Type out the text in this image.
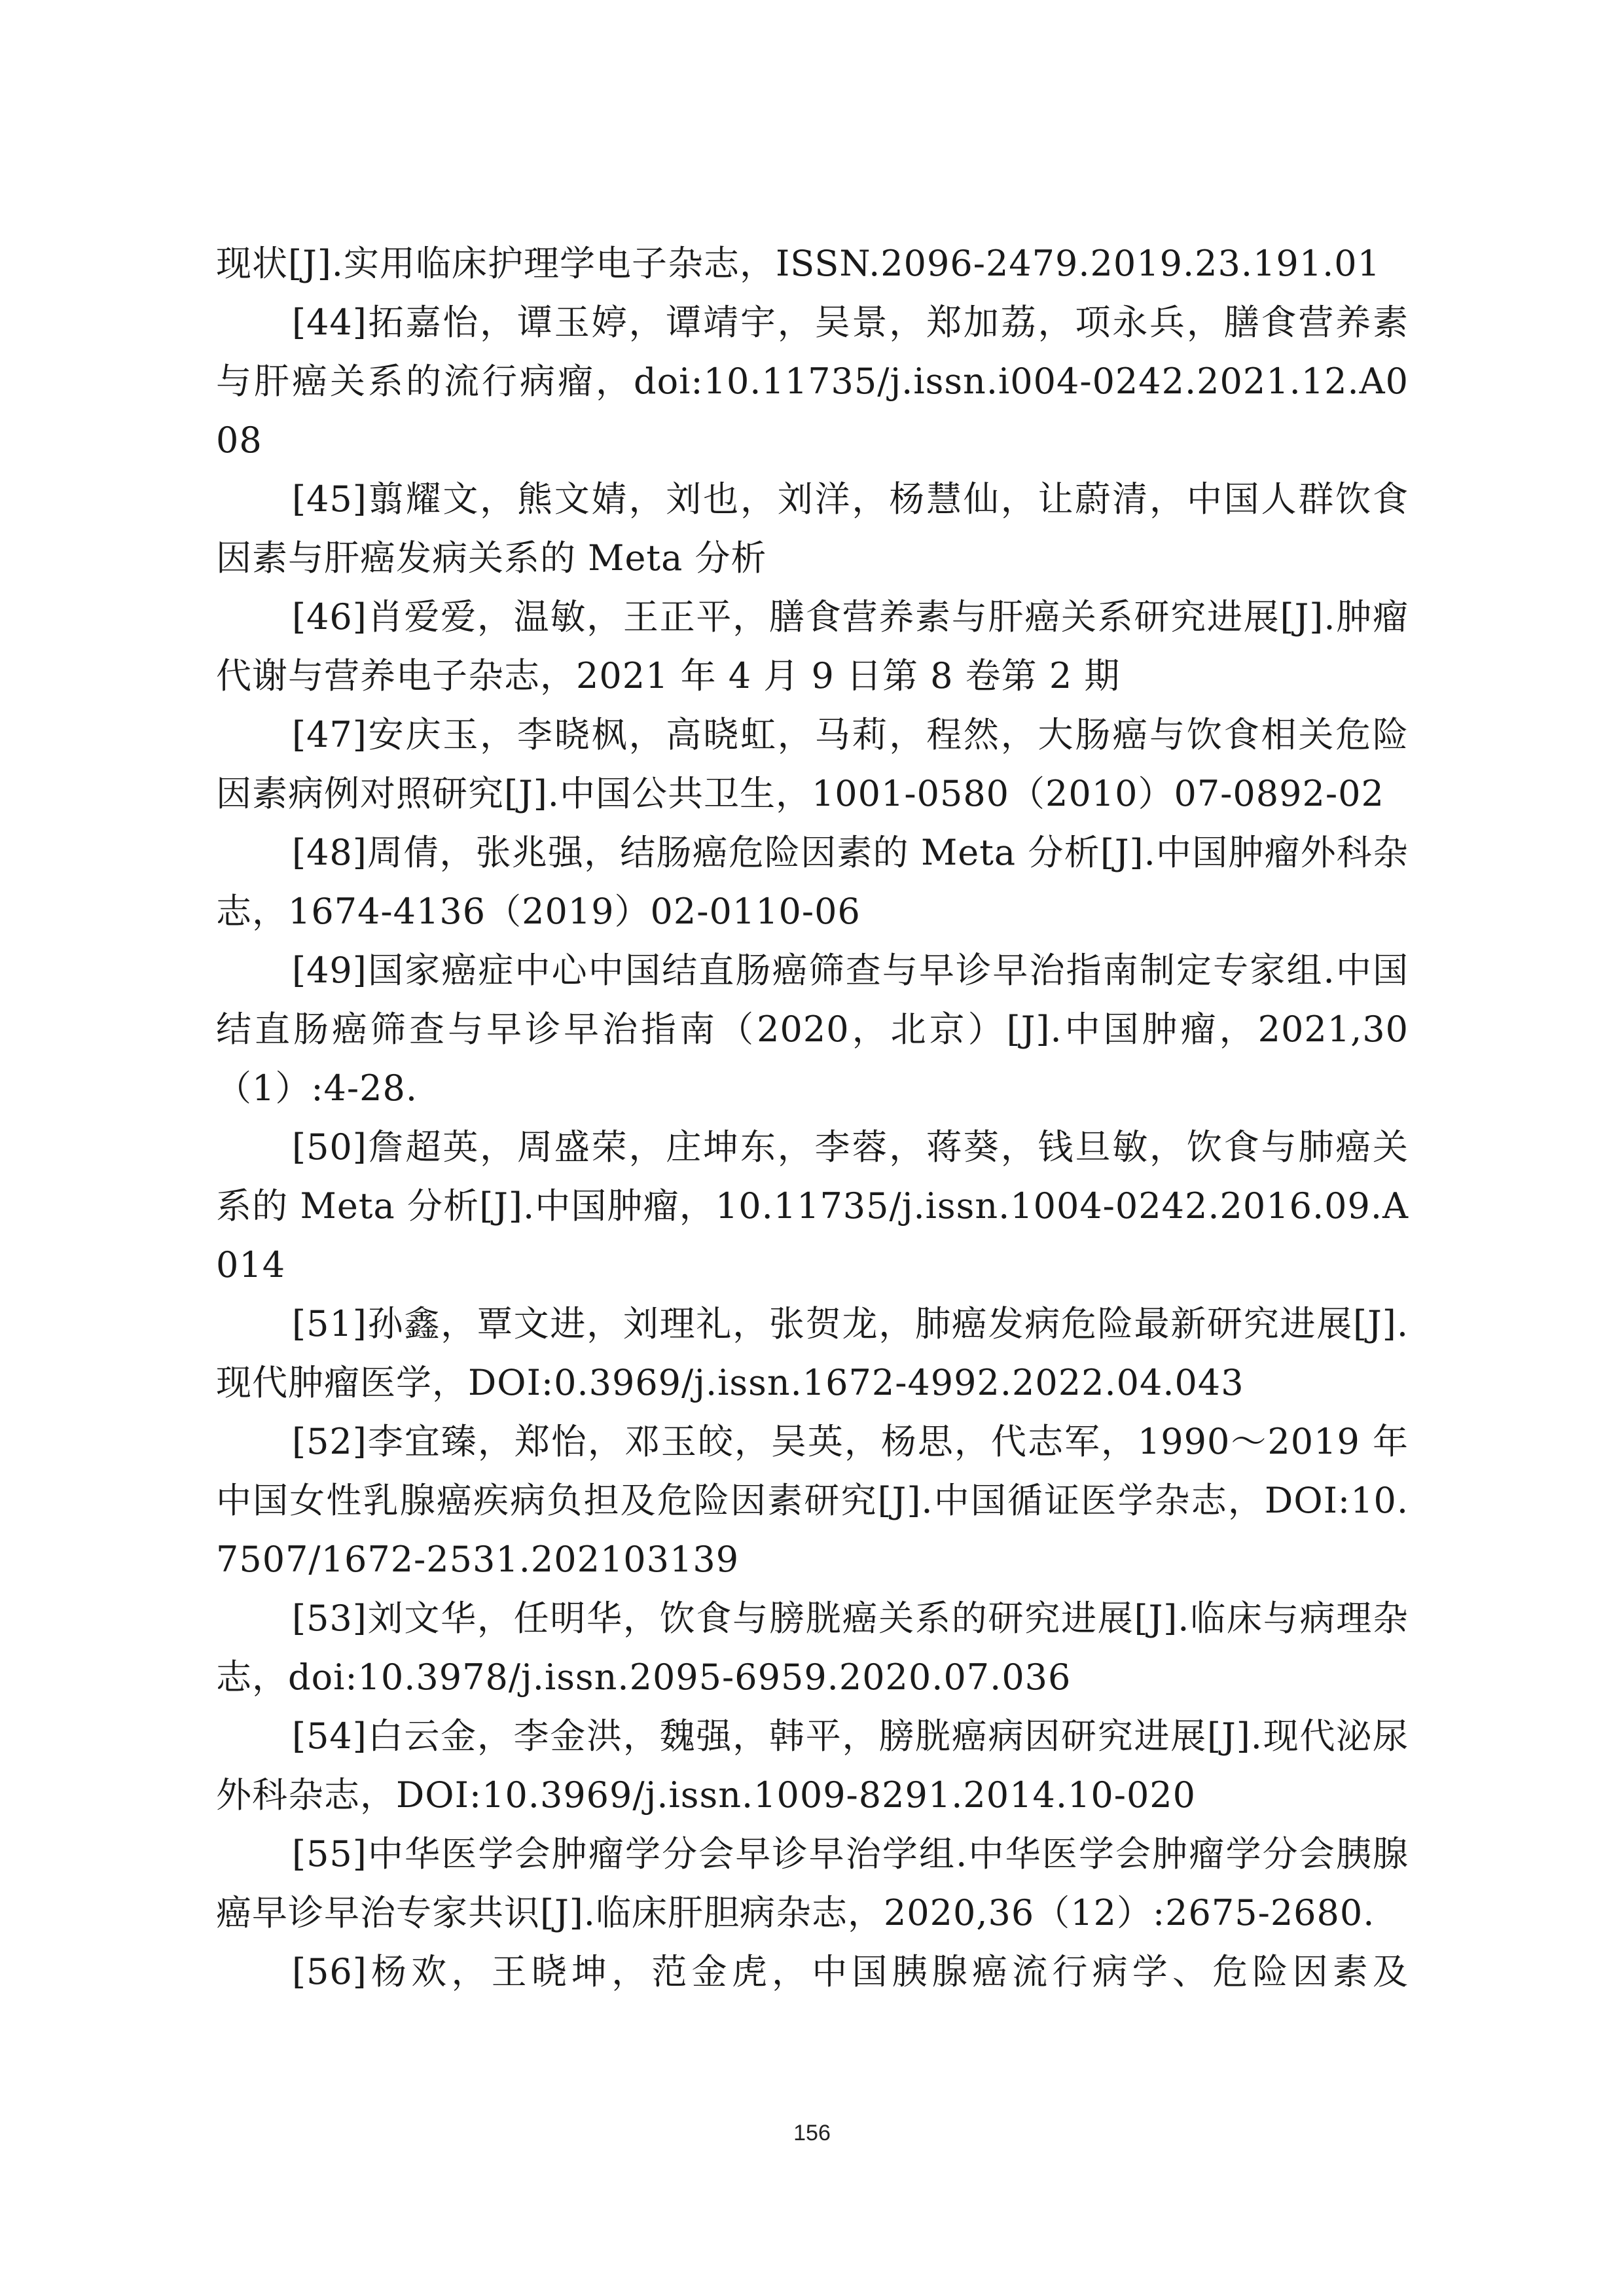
现状[J].实用临床护理学电子杂志，ISSN.2096-2479.2019.23.191.01

[44]拓嘉怡，谭玉婷，谭靖宇，吴景，郑加荔，项永兵，膳食营养素与肝癌关系的流行病瘤，doi:10.11735/j.issn.i004-0242.2021.12.A008

[45]翦耀文，熊文婧，刘也，刘洋，杨慧仙，让蔚清，中国人群饮食因素与肝癌发病关系的 Meta 分析

[46]肖爱爱，温敏，王正平，膳食营养素与肝癌关系研究进展[J].肿瘤代谢与营养电子杂志，2021 年 4 月 9 日第 8 卷第 2 期

[47]安庆玉，李晓枫，高晓虹，马莉，程然，大肠癌与饮食相关危险因素病例对照研究[J].中国公共卫生，1001-0580（2010）07-0892-02

[48]周倩，张兆强，结肠癌危险因素的 Meta 分析[J].中国肿瘤外科杂志，1674-4136（2019）02-0110-06

[49]国家癌症中心中国结直肠癌筛查与早诊早治指南制定专家组.中国结直肠癌筛查与早诊早治指南（2020，北京）[J].中国肿瘤，2021,30（1）:4-28.

[50]詹超英，周盛荣，庄坤东，李蓉，蒋葵，钱旦敏，饮食与肺癌关系的 Meta 分析[J].中国肿瘤，10.11735/j.issn.1004-0242.2016.09.A014

[51]孙鑫，覃文进，刘理礼，张贺龙，肺癌发病危险最新研究进展[J].现代肿瘤医学，DOI:0.3969/j.issn.1672-4992.2022.04.043

[52]李宜臻，郑怡，邓玉皎，吴英，杨思，代志军，1990～2019 年中国女性乳腺癌疾病负担及危险因素研究[J].中国循证医学杂志，DOI:10.7507/1672-2531.202103139

[53]刘文华，任明华，饮食与膀胱癌关系的研究进展[J].临床与病理杂志，doi:10.3978/j.issn.2095-6959.2020.07.036

[54]白云金，李金洪，魏强，韩平，膀胱癌病因研究进展[J].现代泌尿外科杂志，DOI:10.3969/j.issn.1009-8291.2014.10-020

[55]中华医学会肿瘤学分会早诊早治学组.中华医学会肿瘤学分会胰腺癌早诊早治专家共识[J].临床肝胆病杂志，2020,36（12）:2675-2680.

[56]杨欢，王晓坤，范金虎，中国胰腺癌流行病学、危险因素及

156
